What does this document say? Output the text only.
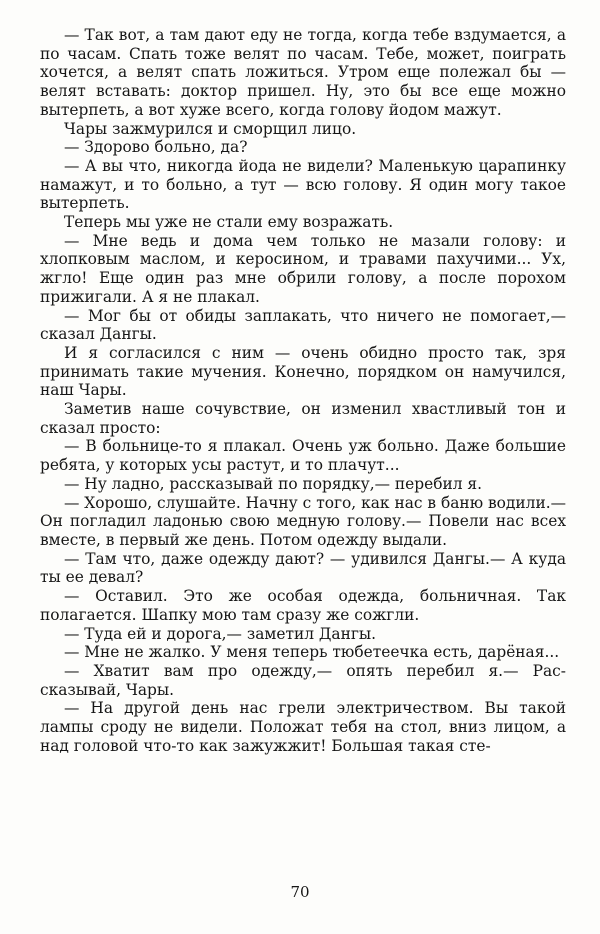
— Так вот, а там дают еду не тогда, когда тебе вздумается, а по часам. Спать тоже велят по часам. Тебе, может, поиграть хочется, а велят спать ложиться. Утром еще полежал бы — велят вставать: доктор пришел. Ну, это бы все еще можно вытерпеть, а вот хуже всего, когда голову йодом мажут.

Чары зажмурился и сморщил лицо.

— Здорово больно, да?

— А вы что, никогда йода не видели? Маленькую царапинку намажут, и то больно, а тут — всю голову. Я один могу такое вытерпеть.

Теперь мы уже не стали ему возражать.

— Мне ведь и дома чем только не мазали голову: и хлопковым маслом, и керосином, и травами пахучими... Ух, жгло! Еще один раз мне обрили голову, а после порохом прижигали. А я не плакал.

— Мог бы от обиды заплакать, что ничего не помогает,— сказал Дангы.

И я согласился с ним — очень обидно просто так, зря принимать такие мучения. Конечно, порядком он намучился, наш Чары.

Заметив наше сочувствие, он изменил хвастливый тон и сказал просто:

— В больнице-то я плакал. Очень уж больно. Даже большие ребята, у которых усы растут, и то плачут...

— Ну ладно, рассказывай по порядку,— перебил я.

— Хорошо, слушайте. Начну с того, как нас в баню водили.— Он погладил ладонью свою медную голову.— Повели нас всех вместе, в первый же день. Потом одежду выдали.

— Там что, даже одежду дают? — удивился Дангы.— А куда ты ее девал?

— Оставил. Это же особая одежда, больничная. Так полагается. Шапку мою там сразу же сожгли.

— Туда ей и дорога,— заметил Дангы.

— Мне не жалко. У меня теперь тюбетеечка есть, дарёная...

— Хватит вам про одежду,— опять перебил я.— Рассказывай, Чары.

— На другой день нас грели электричеством. Вы такой лампы сроду не видели. Положат тебя на стол, вниз лицом, а над головой что-то как зажужжит! Большая такая сте-

70
